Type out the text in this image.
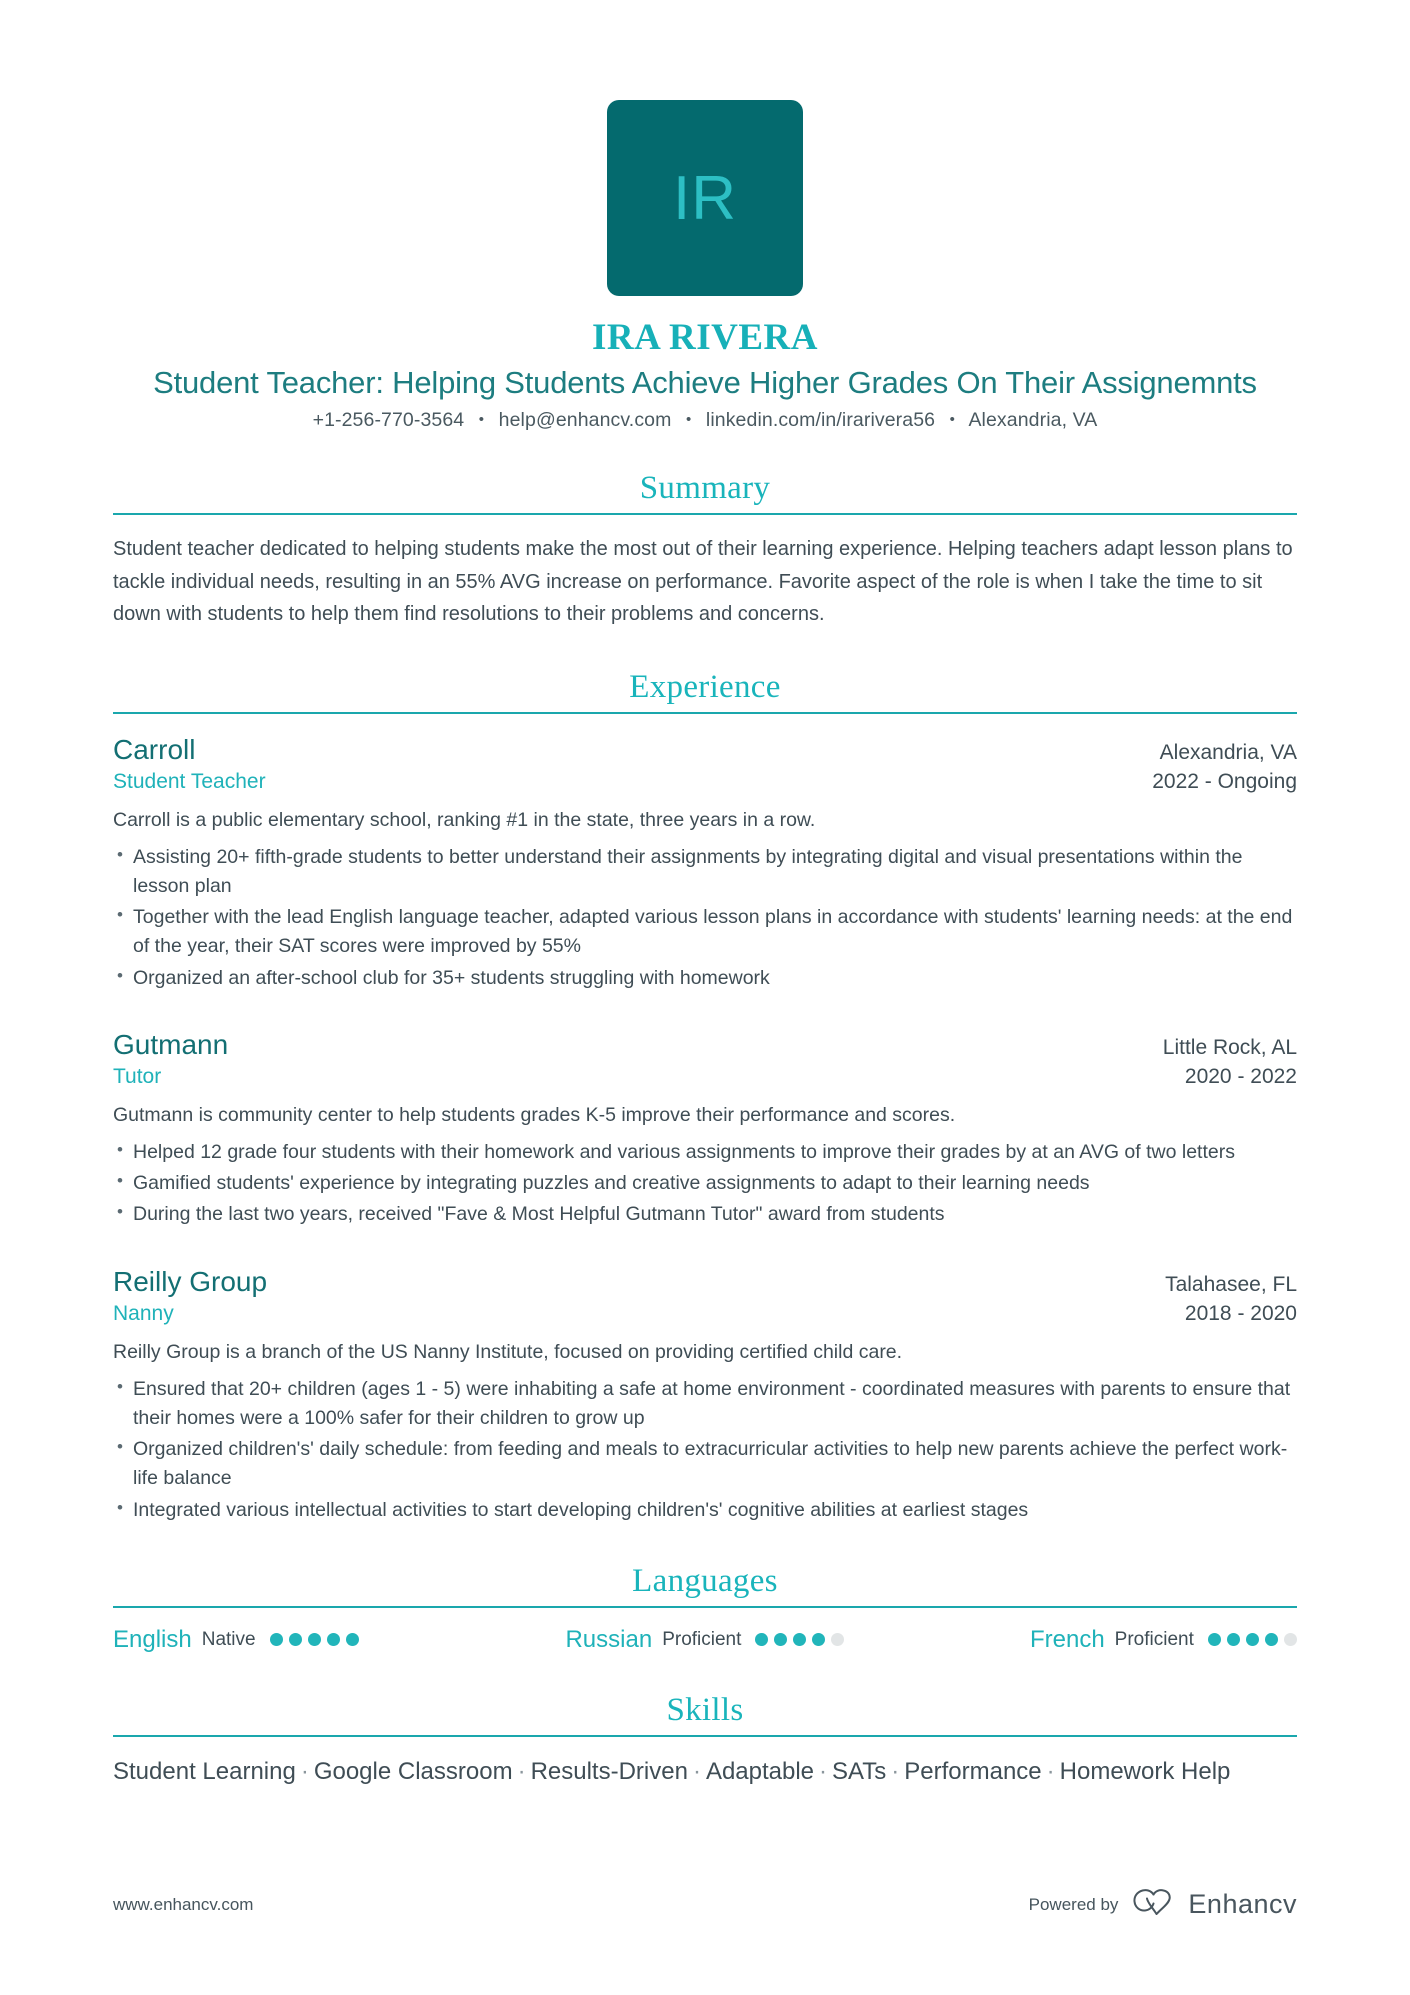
IR
IRA RIVERA
Student Teacher: Helping Students Achieve Higher Grades On Their Assignemnts
+1-256-770-3564 • help@enhancv.com • linkedin.com/in/irarivera56 • Alexandria, VA
Summary
Student teacher dedicated to helping students make the most out of their learning experience. Helping teachers adapt lesson plans to tackle individual needs, resulting in an 55% AVG increase on performance. Favorite aspect of the role is when I take the time to sit down with students to help them find resolutions to their problems and concerns.
Experience
Carroll	Alexandria, VA
Student Teacher	2022 - Ongoing
Carroll is a public elementary school, ranking #1 in the state, three years in a row.
• Assisting 20+ fifth-grade students to better understand their assignments by integrating digital and visual presentations within the lesson plan
• Together with the lead English language teacher, adapted various lesson plans in accordance with students' learning needs: at the end of the year, their SAT scores were improved by 55%
• Organized an after-school club for 35+ students struggling with homework
Gutmann	Little Rock, AL
Tutor	2020 - 2022
Gutmann is community center to help students grades K-5 improve their performance and scores.
• Helped 12 grade four students with their homework and various assignments to improve their grades by at an AVG of two letters
• Gamified students' experience by integrating puzzles and creative assignments to adapt to their learning needs
• During the last two years, received "Fave & Most Helpful Gutmann Tutor" award from students
Reilly Group	Talahasee, FL
Nanny	2018 - 2020
Reilly Group is a branch of the US Nanny Institute, focused on providing certified child care.
• Ensured that 20+ children (ages 1 - 5) were inhabiting a safe at home environment - coordinated measures with parents to ensure that their homes were a 100% safer for their children to grow up
• Organized children's' daily schedule: from feeding and meals to extracurricular activities to help new parents achieve the perfect work-life balance
• Integrated various intellectual activities to start developing children's' cognitive abilities at earliest stages
Languages
English Native	Russian Proficient	French Proficient
Skills
Student Learning · Google Classroom · Results-Driven · Adaptable · SATs · Performance · Homework Help
www.enhancv.com	Powered by	Enhancv
